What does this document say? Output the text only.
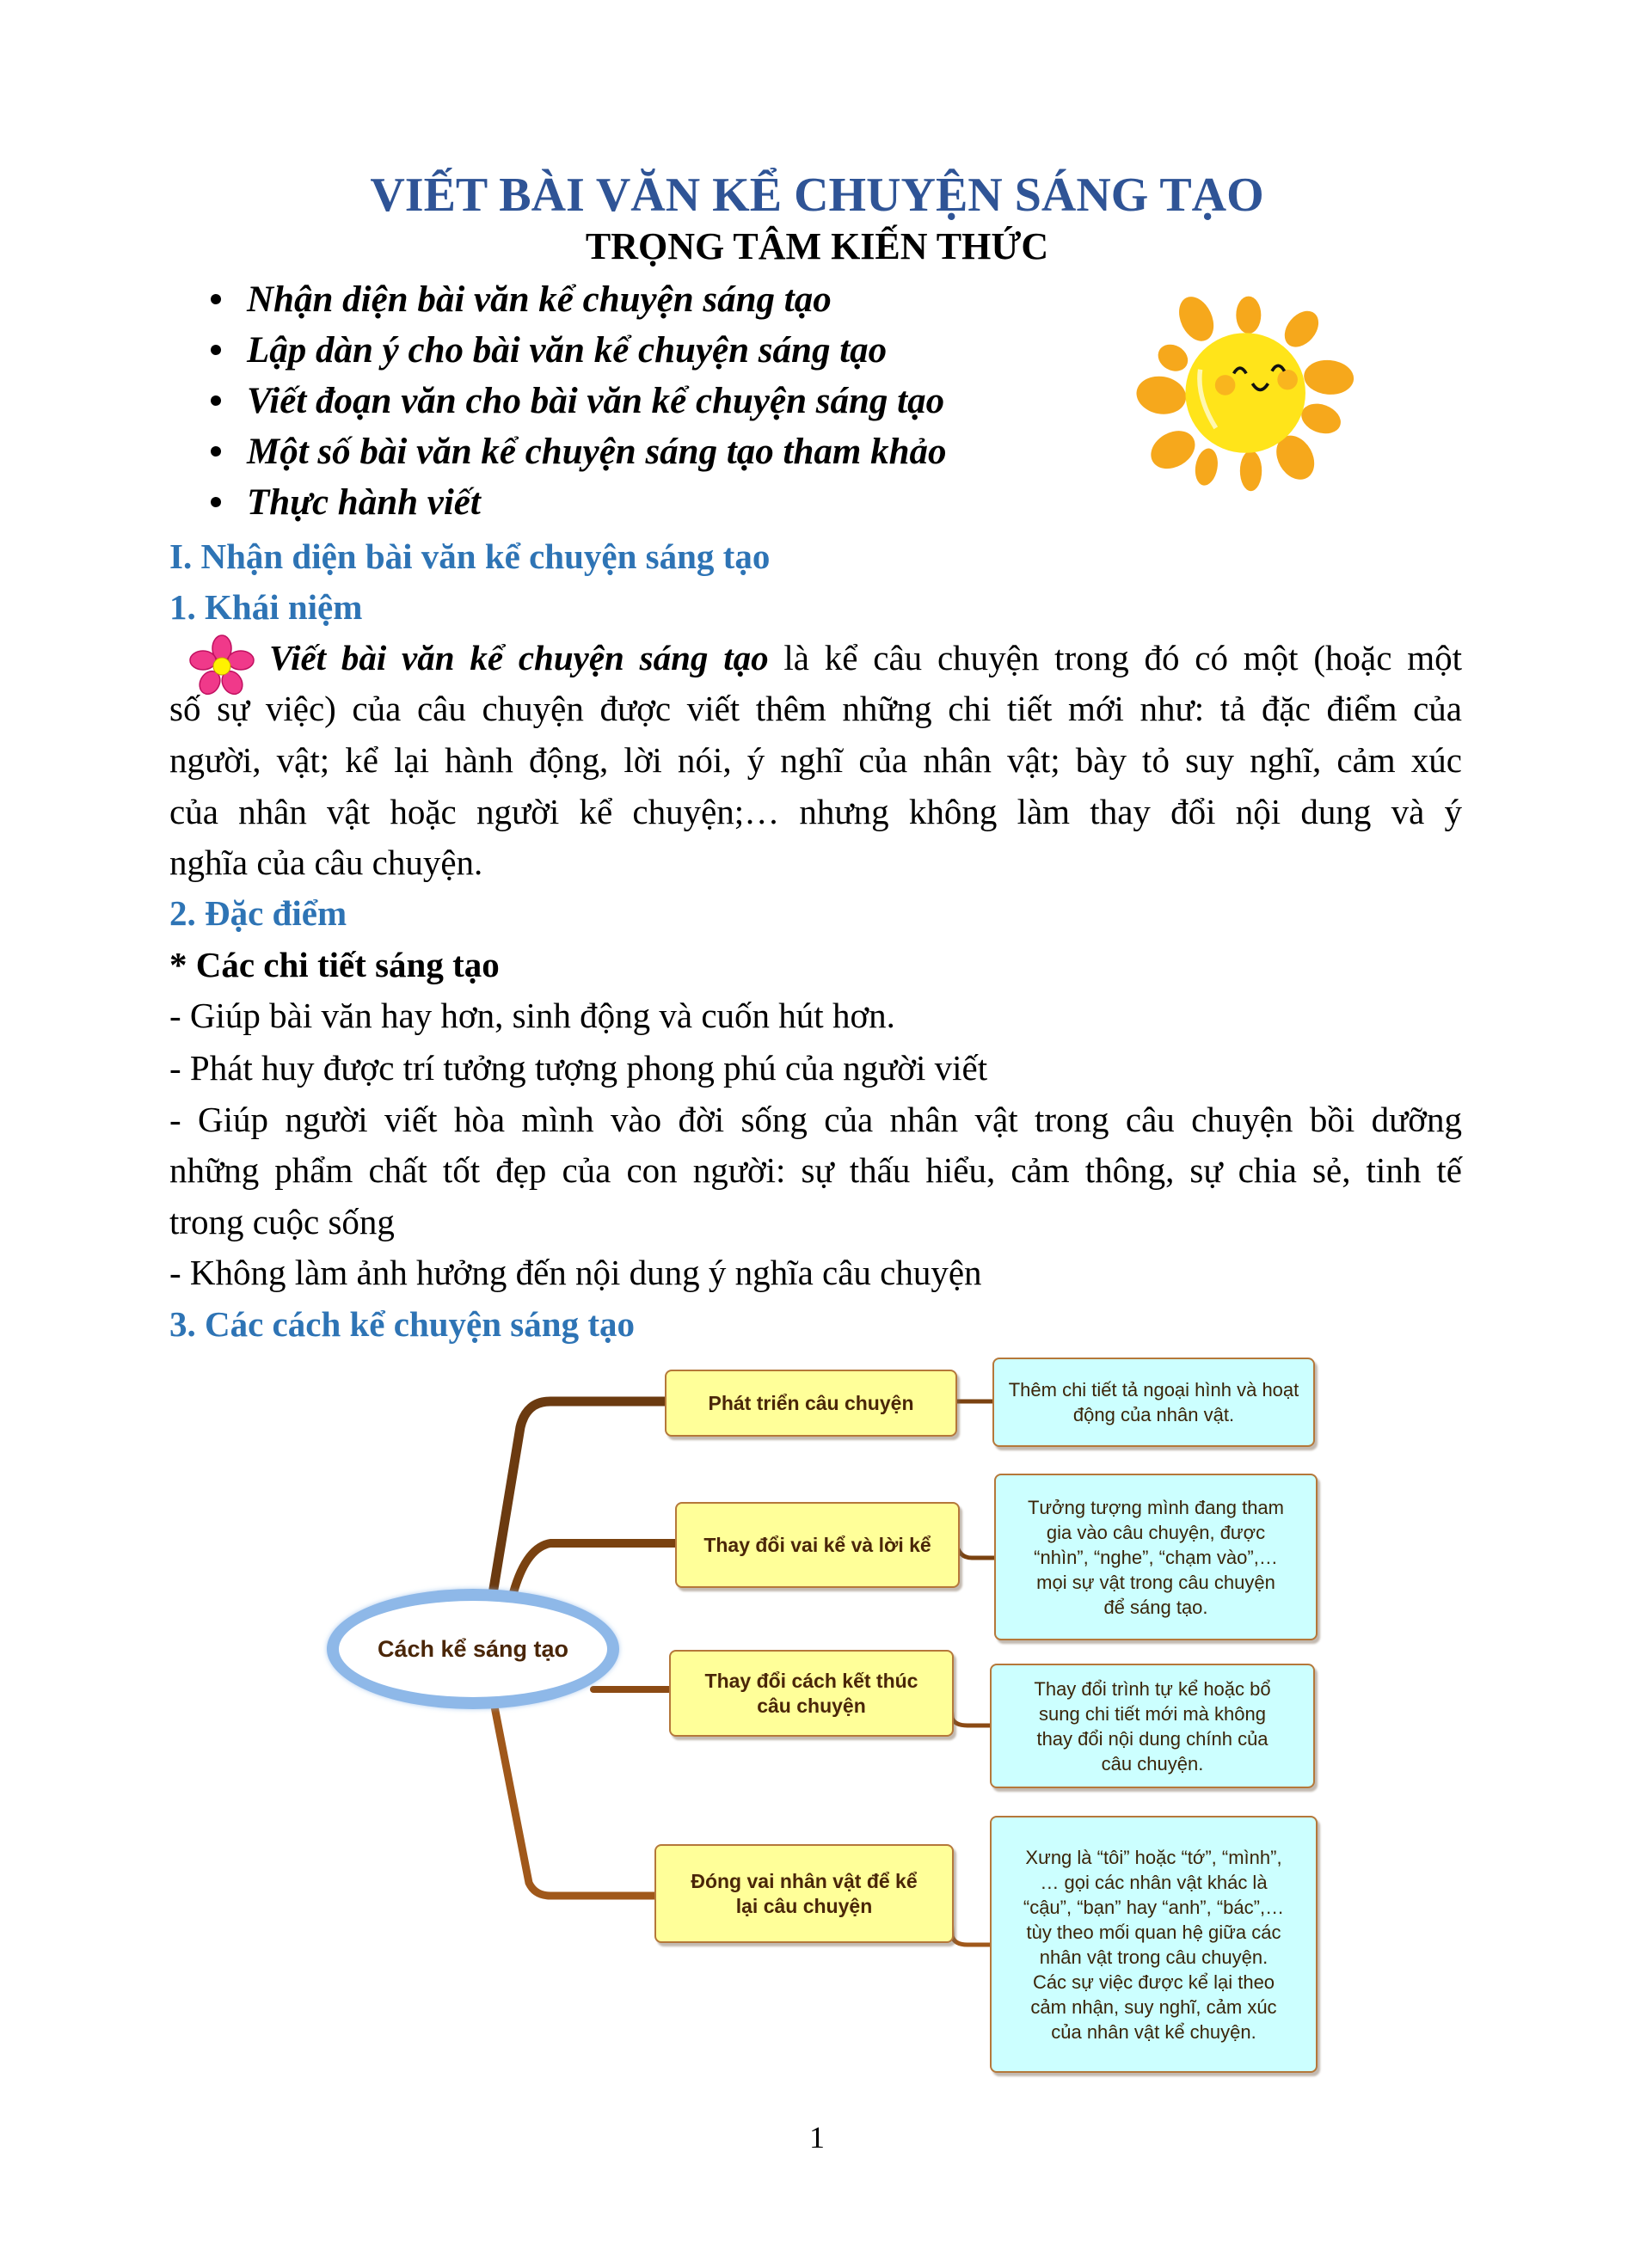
VIẾT BÀI VĂN KỂ CHUYỆN SÁNG TẠO
TRỌNG TÂM KIẾN THỨC
Nhận diện bài văn kể chuyện sáng tạo
Lập dàn ý cho bài văn kể chuyện sáng tạo
Viết đoạn văn cho bài văn kể chuyện sáng tạo
Một số bài văn kể chuyện sáng tạo tham khảo
Thực hành viết
I. Nhận diện bài văn kể chuyện sáng tạo
1. Khái niệm
Viết bài văn kể chuyện sáng tạo là kể câu chuyện trong đó có một (hoặc một
số sự việc) của câu chuyện được viết thêm những chi tiết mới như: tả đặc điểm của
người, vật; kể lại hành động, lời nói, ý nghĩ của nhân vật; bày tỏ suy nghĩ, cảm xúc
của nhân vật hoặc người kể chuyện;… nhưng không làm thay đổi nội dung và ý
nghĩa của câu chuyện.
2. Đặc điểm
* Các chi tiết sáng tạo
- Giúp bài văn hay hơn, sinh động và cuốn hút hơn.
- Phát huy được trí tưởng tượng phong phú của người viết
- Giúp người viết hòa mình vào đời sống của nhân vật trong câu chuyện bồi dưỡng
những phẩm chất tốt đẹp của con người: sự thấu hiểu, cảm thông, sự chia sẻ, tinh tế
trong cuộc sống
- Không làm ảnh hưởng đến nội dung ý nghĩa câu chuyện
3. Các cách kể chuyện sáng tạo
Cách kể sáng tạo
Phát triển câu chuyện
Thay đổi vai kể và lời kể
Thay đổi cách kết thúc
câu chuyện
Đóng vai nhân vật để kể
lại câu chuyện
Thêm chi tiết tả ngoại hình và hoạt
động của nhân vật.
Tưởng tượng mình đang tham
gia vào câu chuyện, được
“nhìn”, “nghe”, “chạm vào”,…
mọi sự vật trong câu chuyện
để sáng tạo.
Thay đổi trình tự kể hoặc bổ
sung chi tiết mới mà không
thay đổi nội dung chính của
câu chuyện.
Xưng là “tôi” hoặc “tớ”, “mình”,
… gọi các nhân vật khác là
“cậu”, “bạn” hay “anh”, “bác”,…
tùy theo mối quan hệ giữa các
nhân vật trong câu chuyện.
Các sự việc được kể lại theo
cảm nhận, suy nghĩ, cảm xúc
của nhân vật kể chuyện.
1
